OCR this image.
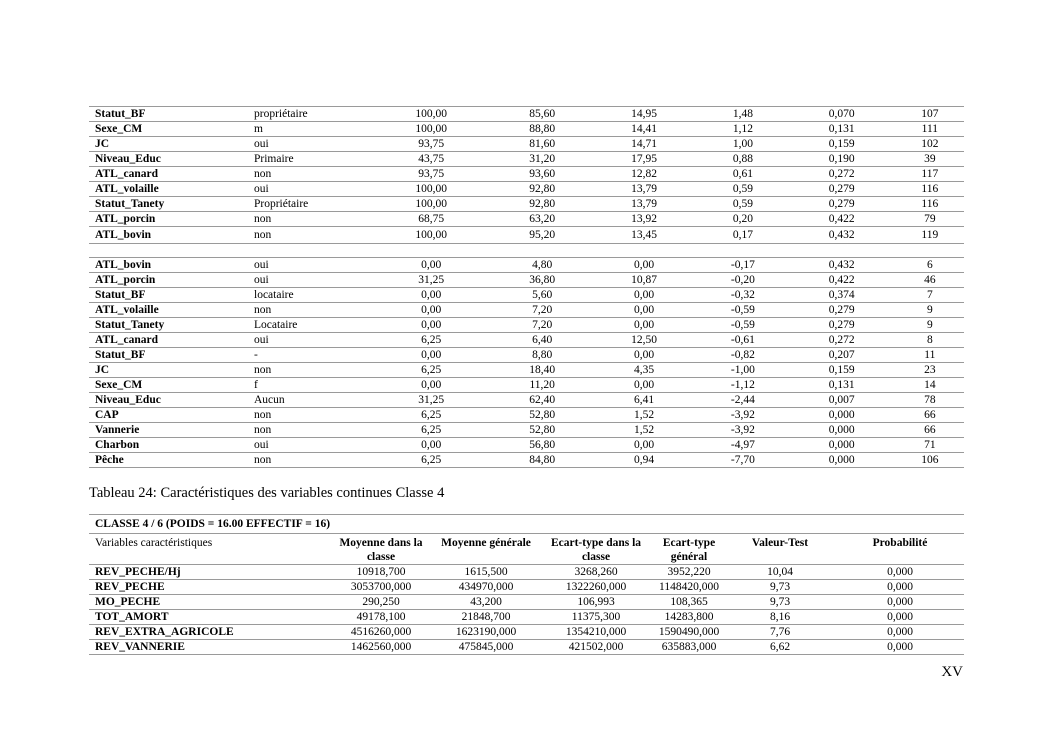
Statut_BF	propriétaire	100,00	85,60	14,95	1,48	0,070	107
Sexe_CM	m	100,00	88,80	14,41	1,12	0,131	111
JC	oui	93,75	81,60	14,71	1,00	0,159	102
Niveau_Educ	Primaire	43,75	31,20	17,95	0,88	0,190	39
ATL_canard	non	93,75	93,60	12,82	0,61	0,272	117
ATL_volaille	oui	100,00	92,80	13,79	0,59	0,279	116
Statut_Tanety	Propriétaire	100,00	92,80	13,79	0,59	0,279	116
ATL_porcin	non	68,75	63,20	13,92	0,20	0,422	79
ATL_bovin	non	100,00	95,20	13,45	0,17	0,432	119

ATL_bovin	oui	0,00	4,80	0,00	-0,17	0,432	6
ATL_porcin	oui	31,25	36,80	10,87	-0,20	0,422	46
Statut_BF	locataire	0,00	5,60	0,00	-0,32	0,374	7
ATL_volaille	non	0,00	7,20	0,00	-0,59	0,279	9
Statut_Tanety	Locataire	0,00	7,20	0,00	-0,59	0,279	9
ATL_canard	oui	6,25	6,40	12,50	-0,61	0,272	8
Statut_BF	-	0,00	8,80	0,00	-0,82	0,207	11
JC	non	6,25	18,40	4,35	-1,00	0,159	23
Sexe_CM	f	0,00	11,20	0,00	-1,12	0,131	14
Niveau_Educ	Aucun	31,25	62,40	6,41	-2,44	0,007	78
CAP	non	6,25	52,80	1,52	-3,92	0,000	66
Vannerie	non	6,25	52,80	1,52	-3,92	0,000	66
Charbon	oui	0,00	56,80	0,00	-4,97	0,000	71
Pêche	non	6,25	84,80	0,94	-7,70	0,000	106
Tableau 24: Caractéristiques des variables continues Classe 4
CLASSE 4 / 6 (POIDS = 16.00 EFFECTIF = 16)						
Variables caractéristiques	Moyenne dans la classe	Moyenne générale	Ecart-type dans la classe	Ecart-type général	Valeur-Test	Probabilité
REV_PECHE/Hj	10918,700	1615,500	3268,260	3952,220	10,04	0,000
REV_PECHE	3053700,000	434970,000	1322260,000	1148420,000	9,73	0,000
MO_PECHE	290,250	43,200	106,993	108,365	9,73	0,000
TOT_AMORT	49178,100	21848,700	11375,300	14283,800	8,16	0,000
REV_EXTRA_AGRICOLE	4516260,000	1623190,000	1354210,000	1590490,000	7,76	0,000
REV_VANNERIE	1462560,000	475845,000	421502,000	635883,000	6,62	0,000
XV
